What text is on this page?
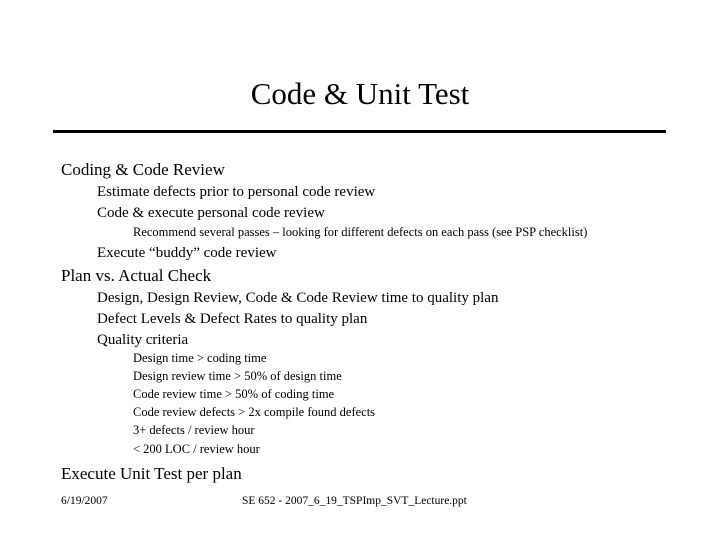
Code & Unit Test
Coding & Code Review
Estimate defects prior to personal code review
Code & execute personal code review
Recommend several passes – looking for different defects on each pass (see PSP checklist)
Execute “buddy” code review
Plan vs. Actual Check
Design, Design Review, Code & Code Review time to quality plan
Defect Levels & Defect Rates to quality plan
Quality criteria
Design time > coding time
Design review time > 50% of design time
Code review time > 50% of coding time
Code review defects > 2x compile found defects
3+ defects / review hour
< 200 LOC / review hour
Execute Unit Test per plan
6/19/2007	SE 652 - 2007_6_19_TSPImp_SVT_Lecture.ppt
